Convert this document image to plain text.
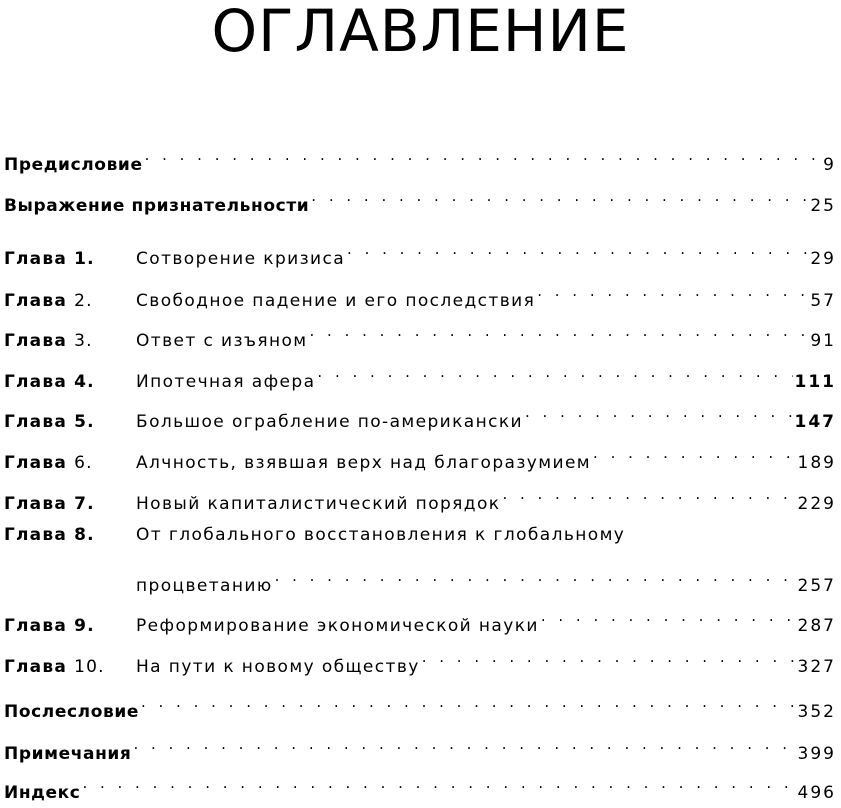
ОГЛАВЛЕНИЕ
Предисловие . . .	9
Выражение признательности . . .	25
Глава 1.	Сотворение кризиса . . .	29
Глава 2.	Свободное падение и его последствия . . .	57
Глава 3.	Ответ с изъяном . . .	91
Глава 4.	Ипотечная афера . . .	111
Глава 5.	Большое ограбление по-американски . . .	147
Глава 6.	Алчность, взявшая верх над благоразумием . . .	189
Глава 7.	Новый капиталистический порядок . . .	229
Глава 8.	От глобального восстановления к глобальному
процветанию . . .	257
Глава 9.	Реформирование экономической науки . . .	287
Глава 10.	На пути к новому обществу . . .	327
Послесловие . . .	352
Примечания . . .	399
Индекс . . .	496
